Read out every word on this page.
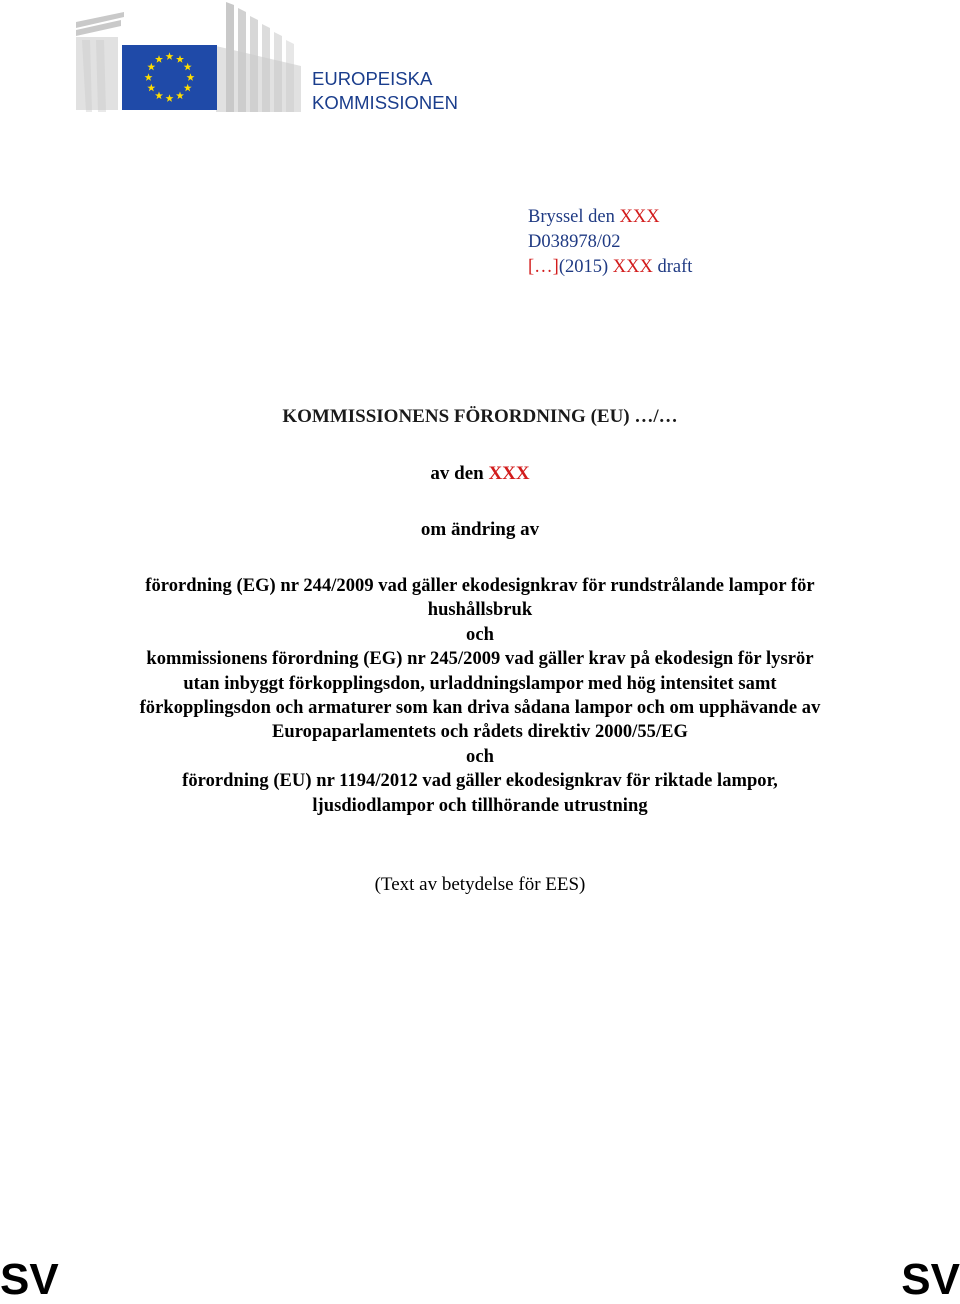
EUROPEISKA
KOMMISSIONEN
Bryssel den XXX
D038978/02
[…](2015) XXX draft
KOMMISSIONENS FÖRORDNING (EU) …/…
av den XXX
om ändring av
förordning (EG) nr 244/2009 vad gäller ekodesignkrav för rundstrålande lampor för
hushållsbruk
och
kommissionens förordning (EG) nr 245/2009 vad gäller krav på ekodesign för lysrör
utan inbyggt förkopplingsdon, urladdningslampor med hög intensitet samt
förkopplingsdon och armaturer som kan driva sådana lampor och om upphävande av
Europaparlamentets och rådets direktiv 2000/55/EG
och
förordning (EU) nr 1194/2012 vad gäller ekodesignkrav för riktade lampor,
ljusdiodlampor och tillhörande utrustning
(Text av betydelse för EES)
SV	SV
